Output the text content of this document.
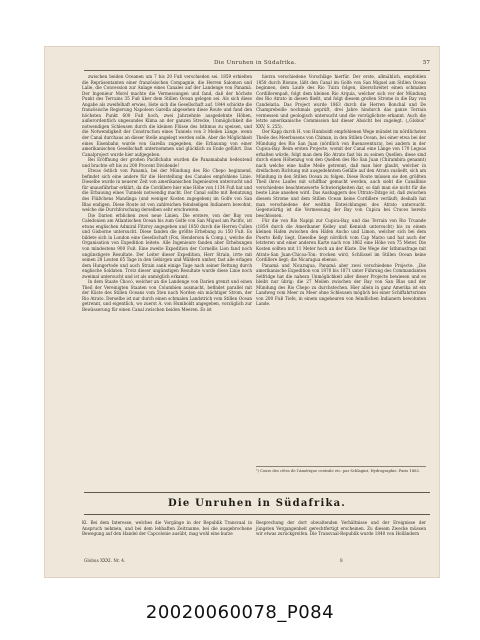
Die Unruhen in Südafrika.	57

zwischen beiden Oceanen um 7 bis 20 Fuß verschieden sei. 1859 erhielten die Repräsentanten einer französischen Compagnie, die Herren Salomon und Lalie, die Concession zur Anlage eines Canales auf der Landenge von Panamá. Der Ingenieur Morel machte die Vermessungen und fand, daß der höchste Punkt des Terrains 35 Fuß über dem Stillen Ocean gelegen sei. Als sich diese Angabe als zweifelhaft erwies, löste sich die Gesellschaft auf. 1844 schickte die französische Regierung Napoleon Garella abgesehen diese Route und fand den höchsten Punkt 600 Fuß hoch, zwei Jahrzehnte ausgedehnte Höhen, außerordentlich ungesundes Klima an der ganzen Strecke, Unmöglichkeit die notwendigen Schleusen durch die kleinen Flüsse des Isthmus zu speisen, und die Notwendigkeit der Construction eines Tunnels von 3 Meilen Länge, wenn der Canal durchaus an dieser Stelle angelegt werden solle. Aber die Möglichkeit eines Eisenbahn wurde von Garella zugegeben, die Erbauung von einer amerikanischen Gesellschaft unternommen und glücklich zu Ende geführt. Das Canalproject wurde hier aufgegeben.

Bei Eröffnung der großen Pacificbahn wurden die Panamabahn bedeutend und brachte oft bis zu 200 Procent Dividende!

Etwas östlich von Panamá, bei der Mündung des Rio Chepo beginnend, befindet sich eine andere für die Herstellung des Canales empfohlene Linie. Dieselbe wurde in neuerer Zeit von amerikanischen Ingenieuren untersucht und für unausführbar erklärt, da die Cordillere hier eine Höhe von 1134 Fuß hat und die Erbauung eines Tunnels notwendig macht. Der Canal sollte mit Benutzung des Flüßchens Mandinga (und weniger Kosten zugegeben) im Golfe von San Blas endigen. Diese Route ist von zahlreichen feindseligen Indianern bewohnt, welche die Durchforschung derselben sehr erschweren.

Die Darien erblicken zwei neue Linien. Die erstere, von der Bay von Caledonien am Atlantischen Ocean bis zum Golfe von San Miguel am Pacific, ist etwas englischen Admiral Fitzroy angegeben und 1850 durch die Herren Cullen und Gisborne untersucht. Diese fanden die größte Erhebung zu 150 Fuß. Es bildete sich in London eine Gesellschaft (Fox, Henderson & Comp.), welche die Organisation von Expedition leitete. Alle Ingenieure fanden aber Erhebungen von mindestens 900 Fuß. Eine zweite Expedition der Cornellis Lion fand noch ungünstigere Resultate. Der Leiter dieser Expedition, Herr Strain, irrte mit seinen 28 Leuten 65 Tage in den Gebirgen und Wäldern umher, fast alle erlagen dem Hungertode und auch Strain sank einige Tage nach seiner Rettung durch englische Soldaten. Trotz dieser ungünstigen Resultate wurde diese Linie noch zweimal untersucht und ist als unmöglich erkannt.

In dem Staate Chocó, welcher an die Landenge von Darien grenzt und einen Theil der Vereinigten Staaten von Columbien ausmacht, befindet parallel mit der Küste des Stillen Oceans vom 5ten nach Norden ein mächtiger Strom, der Rio Atrato. Derselbe ist nur durch einen schmalen Landstrich vom Stillen Ocean getrennt, und eigentlich, wo zuerst A. von Humboldt angegeben, vorzüglich zur Bewässerung für einen Canal zwischen beiden Meeren. Es ist

hierzu verschiedene Vorschläge hierfür. Der erste, allmählich, empfohlen 1858 durch Bionne, läßt den Canal im Golfe von San Miguel am Stillen Ocean beginnen, dem Laufe des Rio Tuira folgen, überschreitet einen schmalen Cordillerenpaß, folgt dem kleinen Rio Arquia, welcher sich vor der Mündung des Rio Atrato in diesen fließt, und folgt diesem großen Strome in die Bay von Candelaria. Das Project wurde 1863 durch die Herren Bonchal und De Champrebeille nochmals geprüft, drei Jahre hindurch das ganze Terrain vermessen und geologisch untersucht und die vorzüglichste erkannt. Auch die letzte amerikanische Commission hat dieser Absicht bei zugelegt. („Globus“ XXV, S. 255).

Der Kapp durch H. von Humboldt empfohlenen Wege mündet im nördlichsten Theile des Meerbusens von Chiman, in den Stillen Ocean, bei einer etwa bei der Mündung des Rio San Juan (nördlich von Buenaventura), bei andern in der Cupica-Bay. Beim ersten Projecte, womit der Canal eine Länge von 170 Legoas erhalten würde, folgt man dem Rio Atrato fast bis zu seinen Quellen; diese sind durch einen Höhenzug von den Quellen des Rio San Juan (Chirambira genannt) nach welche eine halbe Meile getrennt, daß man hier glaubt, welcher in dreifachem Richtung mit ausgedehntem Gefälle auf den Atrato zusließt, sich am Mündung in den Stillen Ocean zu folgen. Diese Route müssen sie den größten Theil ihres Laufes mit schiffbar gemacht werden, auch sieht die Canallinie verschiedene beachtenswerte Schwierigkeiten dar, so daß man sie nicht für die beste Linie ansehen wird. Das Ausbaggern des Uttrato-Ditzge ist, daß zwischen diesem Strome und dem Stillen Ocean keine Cordillere verläuft; deshalb hat man verschiedene der weithin Entwicklungen des Atrato untersucht. Gegenwärtig ist die Vermessung der Bay von Cupica bei Cruces bereits beschlossen.

Für die von Rio Napipi zur Cupica-Bay, und das Terrain von Rio Truande (1854 durch die Amerikaner Kelley und Kennish untersucht) bis zu einem kleinen Hafen zwischen den Häfen Ancho und Limon, welcher sich bei dem Puerto Kelly liegt, Dieselbe liegt nördlich vom Cap Marzo und hat auch der letzteren und einer anderen Karte nach von 1862 eine Höhe von 75 Meter. Die Kosten sollten mit 11 Meter hoch an der Küste. Die Wege der Isthmusfrage mit Atrato-San Juan-Chicoa-Ton: trocken wird, Schlüssel im Stillen Ocean keine Cordillere liegt; die Nicaragua ebenso.

Panamá und Nicaragua, Panamá aber zwei verschiedene Projecte: „Die amerikanische Expedition von 1870 bis 1871 unter Führung des Commandanten Selfridge hat die nahezu Unmöglichkeit aller dieser Projecte bewiesen und es bleibt nur übrig: die 27 Meilen zwischen der Bay von San Blas und der Mündung des Rio Chepo zu durchstechen. Hier allein in ganz Amerika ist ein Landweg vom Meer zu Meer ohne Schleusen möglich bei einer Schiffahrtsrinne von 200 Fuß Tiefe, in einem ungeheuren von feindlichen Indianern bewohnten Lande.

¹) Cours des côtes de l'Amérique centrale etc. par Schlagint, Hydrographie. Paris 1862.
Die Unruhen in Südafrika.

Kl. Bei dem Interesse, welches die Vorgänge in der Republik Transvaal in Anspruch nehmen, und bei dem lebhaften Zeitraume, bei die ausgebrochene Bewegung auf den Handel der Capcolonie ausübt, mag wohl eine kurze

Besprechung der dort obwaltenden Verhältnisse und der Ereignisse der jüngsten Vergangenheit gerechtfertigt erscheinen. Zu diesem Zwecke müssen wir etwas zurückgreifen. Die Transvaal-Republik wurde 1840 von Holländern

Globus XXXI. Nr. 4.	8
20020060078_P084
